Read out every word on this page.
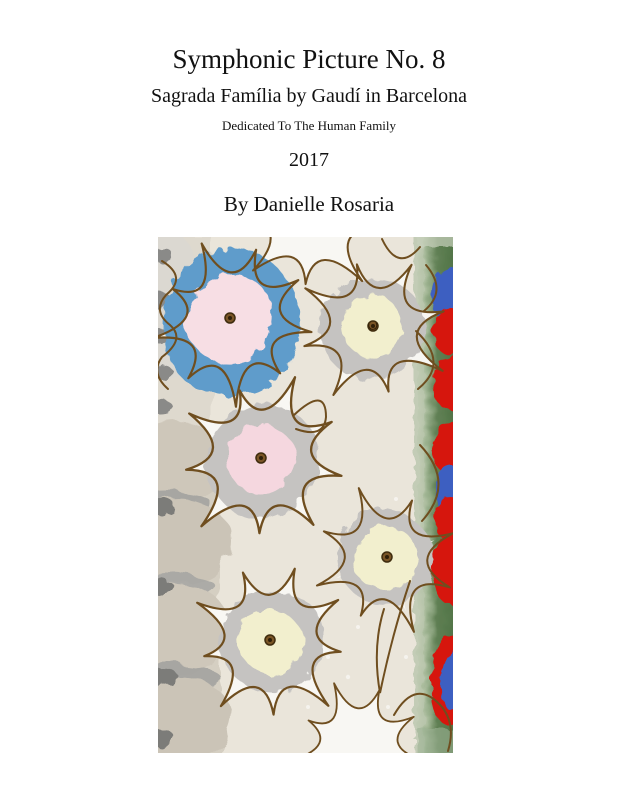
Symphonic Picture No. 8
Sagrada Família by Gaudí in Barcelona
Dedicated To The Human Family
2017
By Danielle Rosaria
